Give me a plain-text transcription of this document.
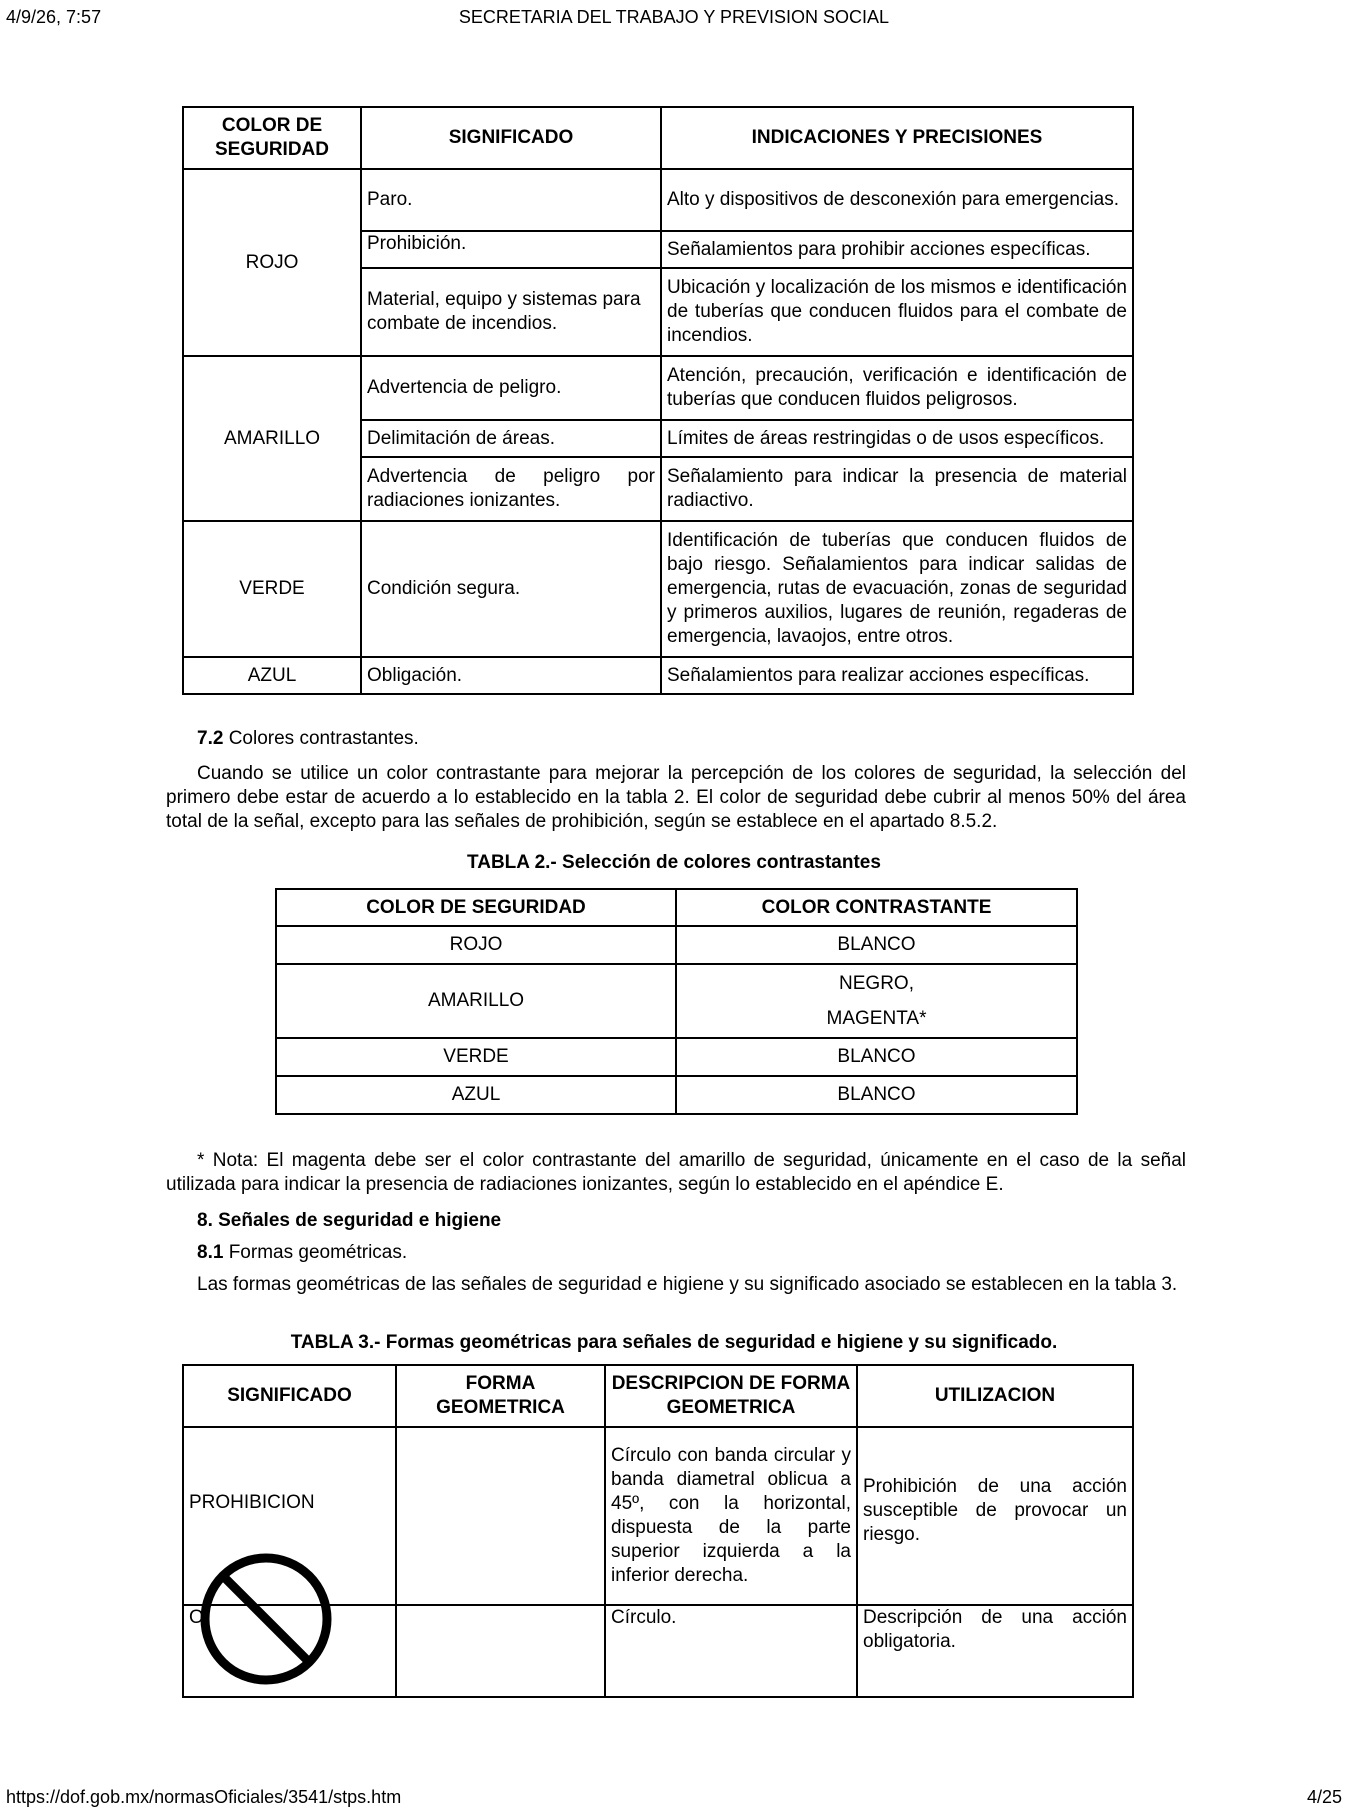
4/9/26, 7:57	SECRETARIA DEL TRABAJO Y PREVISION SOCIAL
COLOR DE SEGURIDAD	SIGNIFICADO	INDICACIONES Y PRECISIONES
ROJO	Paro.	Alto y dispositivos de desconexión para emergencias.
	Prohibición.	Señalamientos para prohibir acciones específicas.
	Material, equipo y sistemas para combate de incendios.	Ubicación y localización de los mismos e identificación de tuberías que conducen fluidos para el combate de incendios.
AMARILLO	Advertencia de peligro.	Atención, precaución, verificación e identificación de tuberías que conducen fluidos peligrosos.
	Delimitación de áreas.	Límites de áreas restringidas o de usos específicos.
	Advertencia de peligro por radiaciones ionizantes.	Señalamiento para indicar la presencia de material radiactivo.
VERDE	Condición segura.	Identificación de tuberías que conducen fluidos de bajo riesgo. Señalamientos para indicar salidas de emergencia, rutas de evacuación, zonas de seguridad y primeros auxilios, lugares de reunión, regaderas de emergencia, lavaojos, entre otros.
AZUL	Obligación.	Señalamientos para realizar acciones específicas.

7.2 Colores contrastantes.

Cuando se utilice un color contrastante para mejorar la percepción de los colores de seguridad, la selección del primero debe estar de acuerdo a lo establecido en la tabla 2. El color de seguridad debe cubrir al menos 50% del área total de la señal, excepto para las señales de prohibición, según se establece en el apartado 8.5.2.

TABLA 2.- Selección de colores contrastantes
COLOR DE SEGURIDAD	COLOR CONTRASTANTE
ROJO	BLANCO
AMARILLO	NEGRO,
MAGENTA*

VERDE	BLANCO
AZUL	BLANCO

* Nota: El magenta debe ser el color contrastante del amarillo de seguridad, únicamente en el caso de la señal utilizada para indicar la presencia de radiaciones ionizantes, según lo establecido en el apéndice E.

8. Señales de seguridad e higiene

8.1 Formas geométricas.

Las formas geométricas de las señales de seguridad e higiene y su significado asociado se establecen en la tabla 3.

TABLA 3.- Formas geométricas para señales de seguridad e higiene y su significado.
SIGNIFICADO	FORMA GEOMETRICA	DESCRIPCION DE FORMA GEOMETRICA	UTILIZACION

PROHIBICION		Círculo con banda circular y banda diametral oblicua a 45º, con la horizontal, dispuesta de la parte superior izquierda a la inferior derecha.	Prohibición de una acción susceptible de provocar un riesgo.
O		Círculo.	Descripción de una acción obligatoria.
https://dof.gob.mx/normasOficiales/3541/stps.htm	4/25
